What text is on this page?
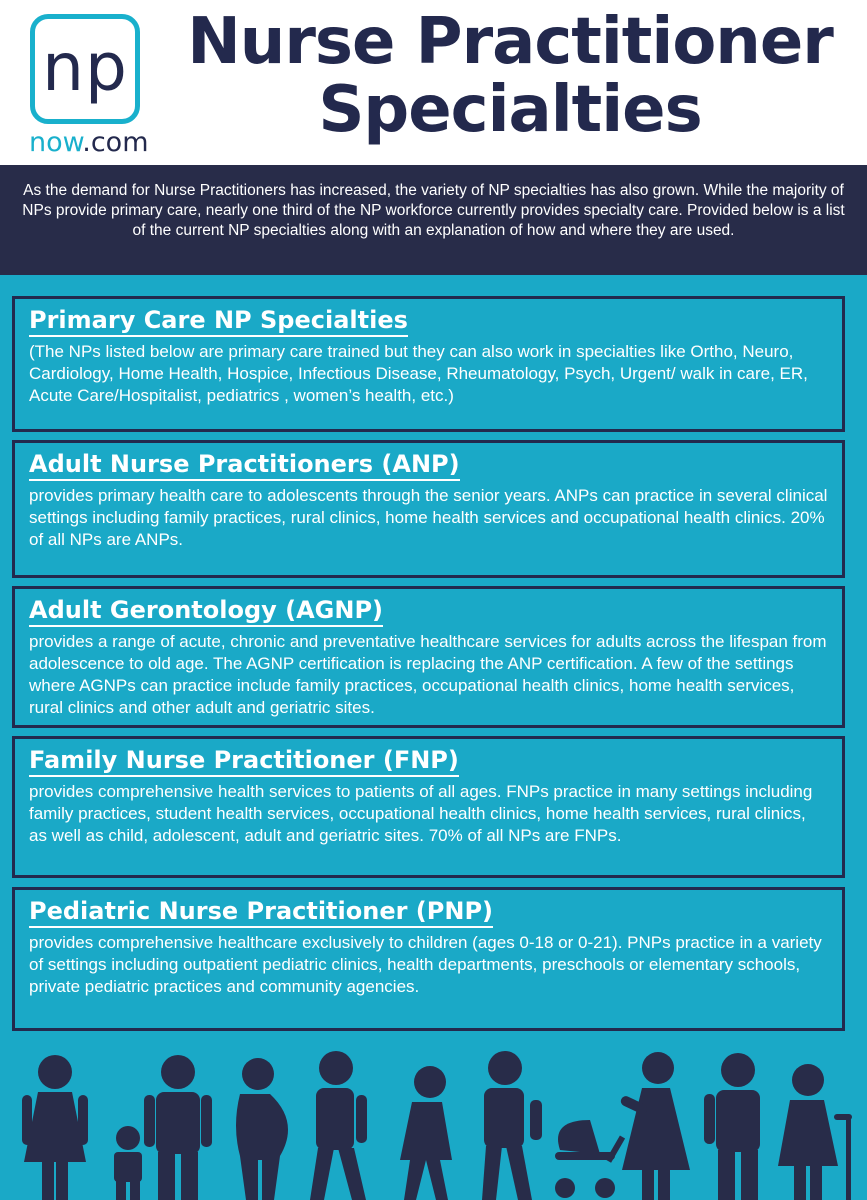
np
now.com
Nurse Practitioner
Specialties

As the demand for Nurse Practitioners has increased, the variety of NP specialties has also grown. While the majority of NPs provide primary care, nearly one third of the NP workforce currently provides specialty care. Provided below is a list of the current NP specialties along with an explanation of how and where they are used.

Primary Care NP Specialties

(The NPs listed below are primary care trained but they can also work in specialties like Ortho, Neuro, Cardiology, Home Health, Hospice, Infectious Disease, Rheumatology, Psych, Urgent/ walk in care, ER, Acute Care/Hospitalist, pediatrics , women’s health, etc.)

Adult Nurse Practitioners (ANP)

provides primary health care to adolescents through the senior years. ANPs can practice in several clinical settings including family practices, rural clinics, home health services and occupational health clinics. 20% of all NPs are ANPs.

Adult Gerontology (AGNP)

provides a range of acute, chronic and preventative healthcare services for adults across the lifespan from adolescence to old age. The AGNP certification is replacing the ANP certification. A few of the settings where AGNPs can practice include family practices, occupational health clinics, home health services, rural clinics and other adult and geriatric sites.

Family Nurse Practitioner (FNP)

provides comprehensive health services to patients of all ages. FNPs practice in many settings including family practices, student health services, occupational health clinics, home health services, rural clinics, as well as child, adolescent, adult and geriatric sites. 70% of all NPs are FNPs.

Pediatric Nurse Practitioner (PNP)

provides comprehensive healthcare exclusively to children (ages 0-18 or 0-21). PNPs practice in a variety of settings including outpatient pediatric clinics, health departments, preschools or elementary schools, private pediatric practices and community agencies.
